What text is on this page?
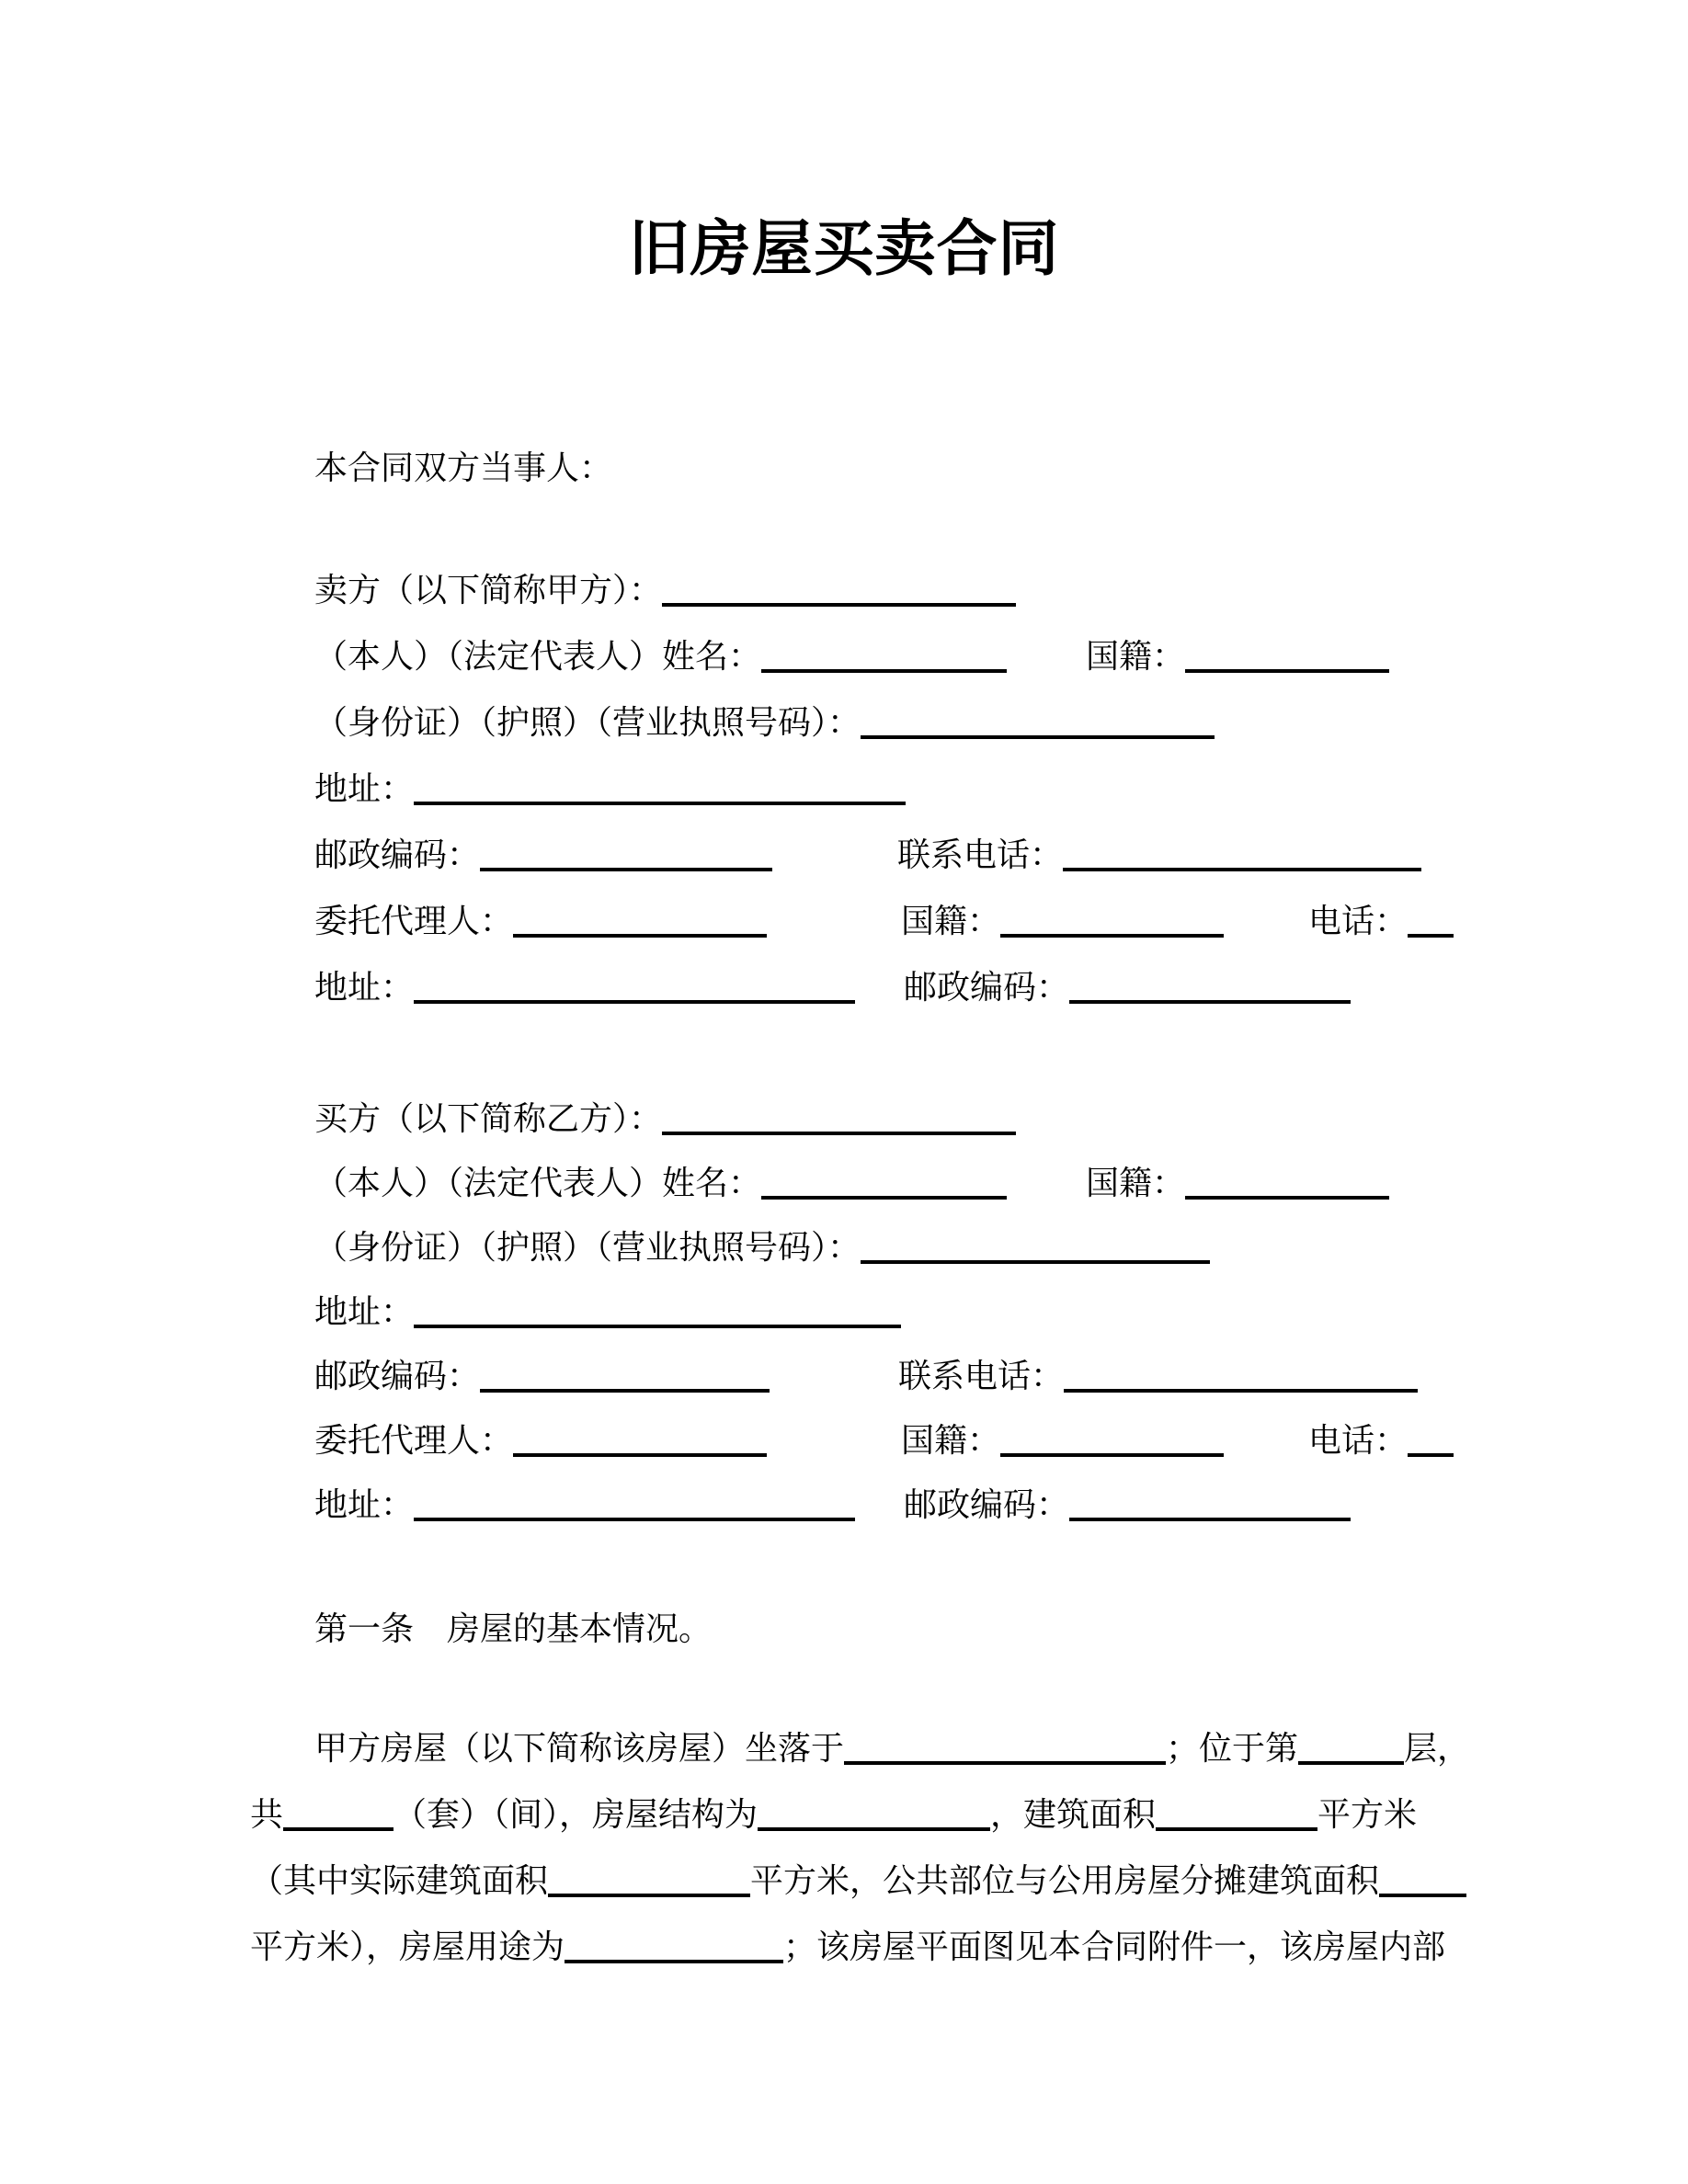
旧房屋买卖合同
本合同双方当事人：
卖方（以下简称甲方）：
（本人）（法定代表人）姓名：	国籍：
（身份证）（护照）（营业执照号码）：
地址：
邮政编码：	联系电话：
委托代理人：	国籍：	电话：
地址：	邮政编码：
买方（以下简称乙方）：
（本人）（法定代表人）姓名：	国籍：
（身份证）（护照）（营业执照号码）：
地址：
邮政编码：	联系电话：
委托代理人：	国籍：	电话：
地址：	邮政编码：
第一条　房屋的基本情况。
甲方房屋（以下简称该房屋）坐落于	；位于第	层，
共	（套）（间），房屋结构为	，建筑面积	平方米
（其中实际建筑面积	平方米，公共部位与公用房屋分摊建筑面积
平方米），房屋用途为	；该房屋平面图见本合同附件一，该房屋内部
